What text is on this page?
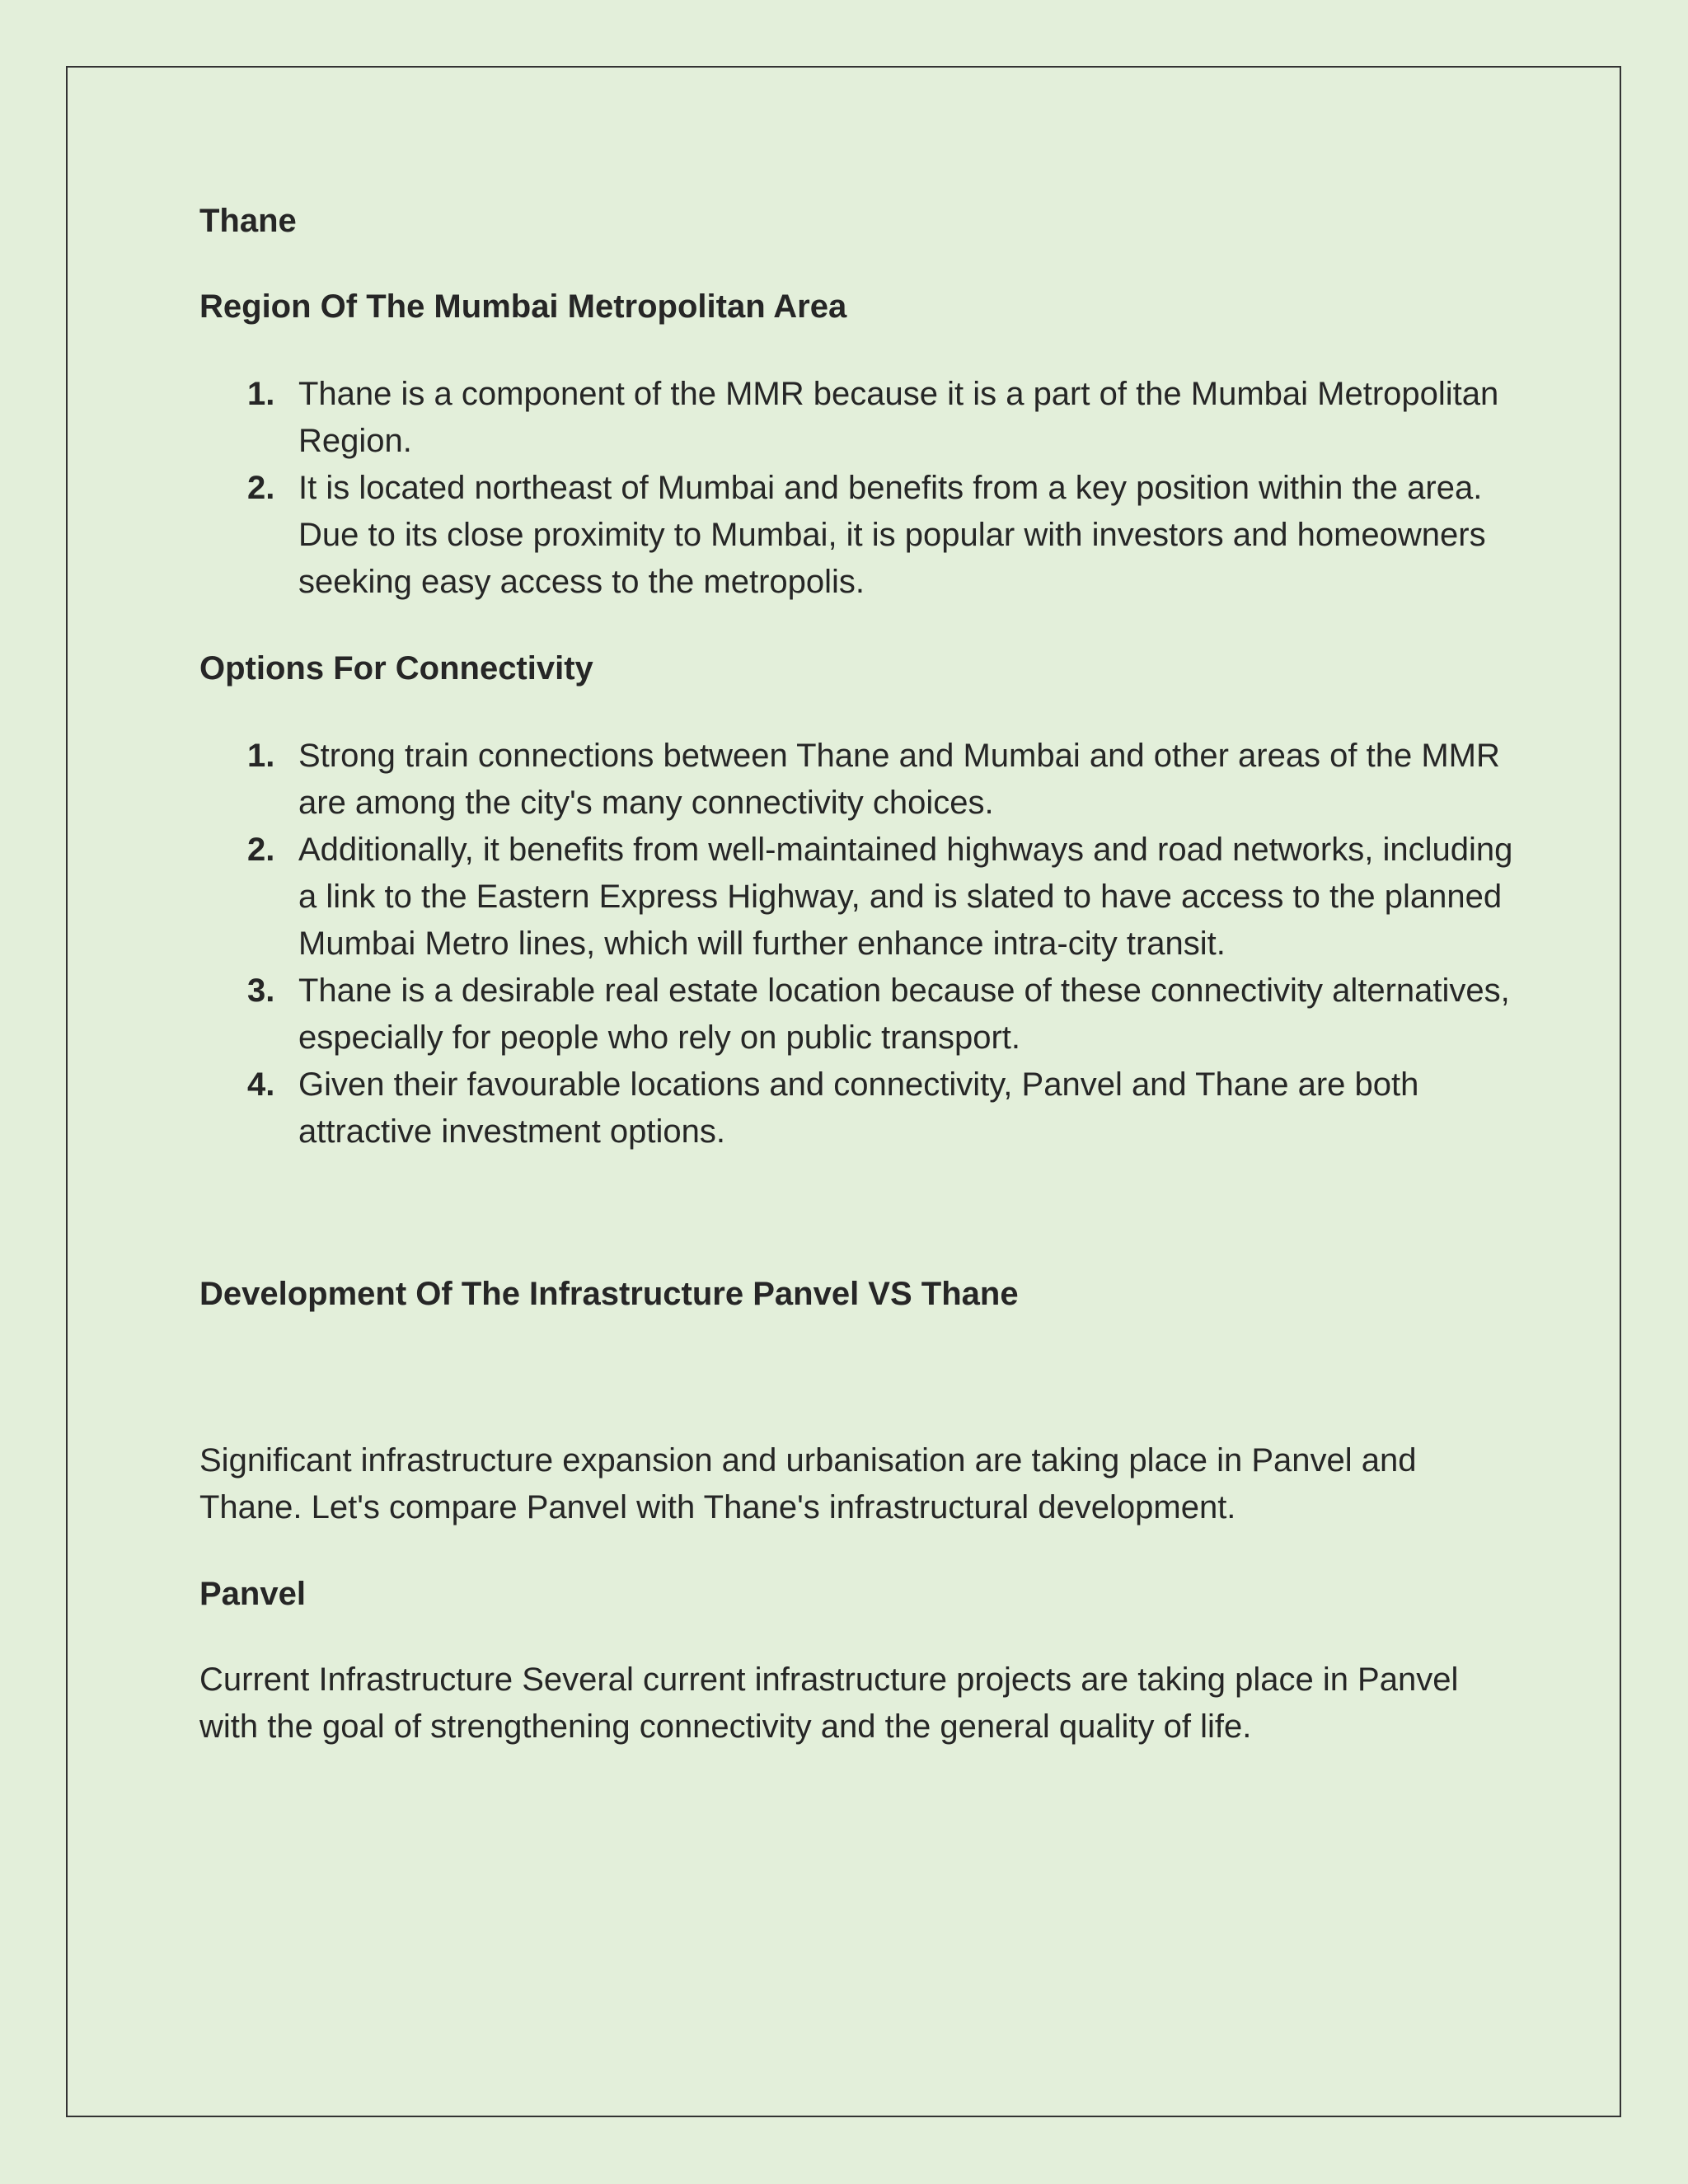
Thane
Region Of The Mumbai Metropolitan Area
1. Thane is a component of the MMR because it is a part of the Mumbai Metropolitan Region.
2. It is located northeast of Mumbai and benefits from a key position within the area. Due to its close proximity to Mumbai, it is popular with investors and homeowners seeking easy access to the metropolis.
Options For Connectivity
1. Strong train connections between Thane and Mumbai and other areas of the MMR are among the city's many connectivity choices.
2. Additionally, it benefits from well-maintained highways and road networks, including a link to the Eastern Express Highway, and is slated to have access to the planned Mumbai Metro lines, which will further enhance intra-city transit.
3. Thane is a desirable real estate location because of these connectivity alternatives, especially for people who rely on public transport.
4. Given their favourable locations and connectivity, Panvel and Thane are both attractive investment options.
Development Of The Infrastructure Panvel VS Thane

Significant infrastructure expansion and urbanisation are taking place in Panvel and Thane. Let's compare Panvel with Thane's infrastructural development.

Panvel

Current Infrastructure Several current infrastructure projects are taking place in Panvel with the goal of strengthening connectivity and the general quality of life.
